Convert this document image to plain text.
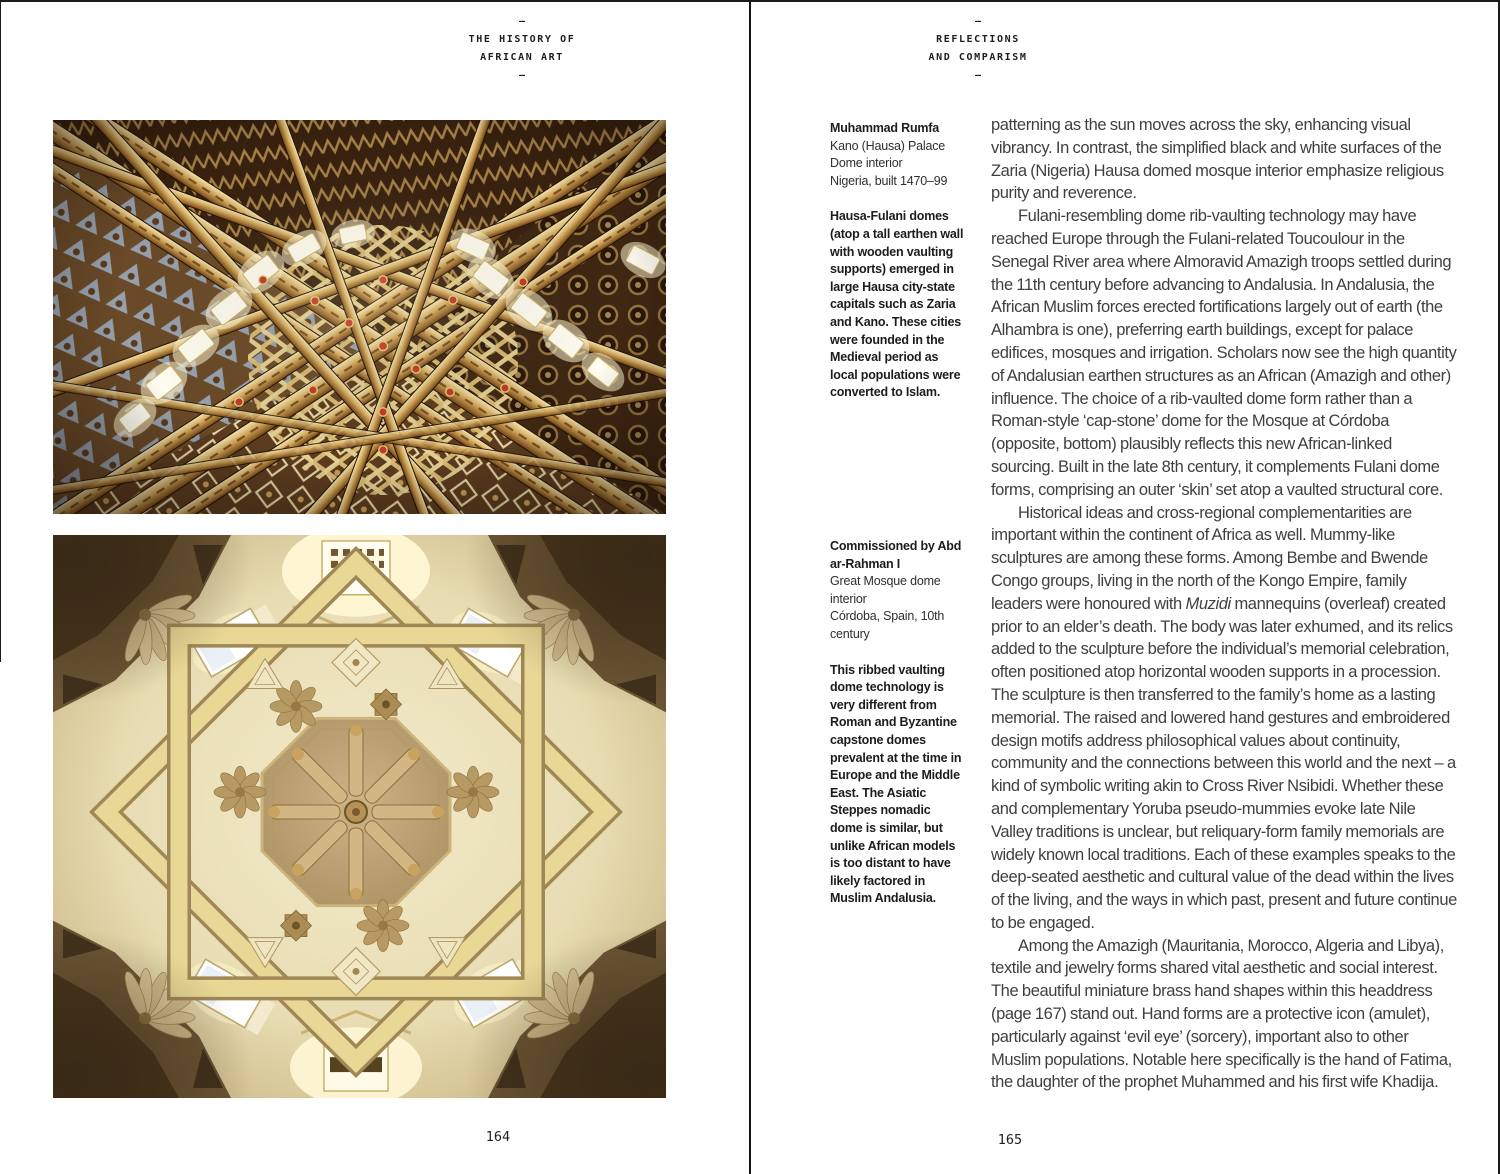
–
THE HISTORY OF
AFRICAN ART
–
–
REFLECTIONS
AND COMPARISM
–
Muhammad Rumfa
Kano (Hausa) Palace
Dome interior
Nigeria, built 1470–99
Hausa-Fulani domes (atop a tall earthen wall with wooden vaulting supports) emerged in large Hausa city-state capitals such as Zaria and Kano. These cities were founded in the Medieval period as local populations were converted to Islam.
Commissioned by Abd ar-Rahman I
Great Mosque dome
interior
Córdoba, Spain, 10th
century
This ribbed vaulting dome technology is very different from Roman and Byzantine capstone domes prevalent at the time in Europe and the Middle East. The Asiatic Steppes nomadic dome is similar, but unlike African models is too distant to have likely factored in Muslim Andalusia.

patterning as the sun moves across the sky, enhancing visual vibrancy. In contrast, the simplified black and white surfaces of the Zaria (Nigeria) Hausa domed mosque interior emphasize religious purity and reverence.

Fulani-resembling dome rib-vaulting technology may have reached Europe through the Fulani-related Toucoulour in the Senegal River area where Almoravid Amazigh troops settled during the 11th century before advancing to Andalusia. In Andalusia, the African Muslim forces erected fortifications largely out of earth (the Alhambra is one), preferring earth buildings, except for palace edifices, mosques and irrigation. Scholars now see the high quantity of Andalusian earthen structures as an African (Amazigh and other) influence. The choice of a rib-vaulted dome form rather than a Roman-style ‘cap-stone’ dome for the Mosque at Córdoba (opposite, bottom) plausibly reflects this new African-linked sourcing. Built in the late 8th century, it complements Fulani dome forms, comprising an outer ‘skin’ set atop a vaulted structural core.

Historical ideas and cross-regional complementarities are important within the continent of Africa as well. Mummy-like sculptures are among these forms. Among Bembe and Bwende Congo groups, living in the north of the Kongo Empire, family leaders were honoured with Muzidi mannequins (overleaf) created prior to an elder’s death. The body was later exhumed, and its relics added to the sculpture before the individual’s memorial celebration, often positioned atop horizontal wooden supports in a procession. The sculpture is then transferred to the family’s home as a lasting memorial. The raised and lowered hand gestures and embroidered design motifs address philosophical values about continuity, community and the connections between this world and the next – a kind of symbolic writing akin to Cross River Nsibidi. Whether these and complementary Yoruba pseudo-mummies evoke late Nile Valley traditions is unclear, but reliquary-form family memorials are widely known local traditions. Each of these examples speaks to the deep-seated aesthetic and cultural value of the dead within the lives of the living, and the ways in which past, present and future continue to be engaged.

Among the Amazigh (Mauritania, Morocco, Algeria and Libya), textile and jewelry forms shared vital aesthetic and social interest. The beautiful miniature brass hand shapes within this headdress (page 167) stand out. Hand forms are a protective icon (amulet), particularly against ‘evil eye’ (sorcery), important also to other Muslim populations. Notable here specifically is the hand of Fatima, the daughter of the prophet Muhammed and his first wife Khadija.

164	165
